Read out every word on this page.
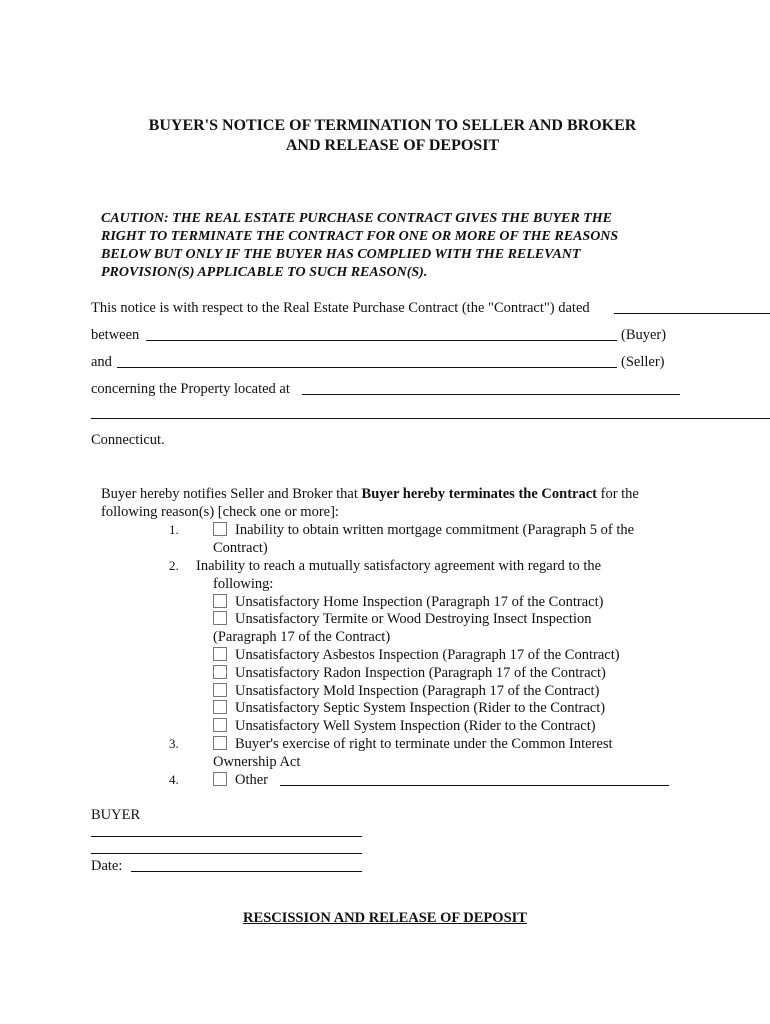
BUYER'S NOTICE OF TERMINATION TO SELLER AND BROKER
AND RELEASE OF DEPOSIT
CAUTION: THE REAL ESTATE PURCHASE CONTRACT GIVES THE BUYER THE
RIGHT TO TERMINATE THE CONTRACT FOR ONE OR MORE OF THE REASONS
BELOW BUT ONLY IF THE BUYER HAS COMPLIED WITH THE RELEVANT
PROVISION(S) APPLICABLE TO SUCH REASON(S).
This notice is with respect to the Real Estate Purchase Contract (the "Contract") dated
between	(Buyer)
and	(Seller)
concerning the Property located at
Connecticut.
Buyer hereby notifies Seller and Broker that Buyer hereby terminates the Contract for the
following reason(s) [check one or more]:
1.	Inability to obtain written mortgage commitment (Paragraph 5 of the
Contract)
2. Inability to reach a mutually satisfactory agreement with regard to the
following:
Unsatisfactory Home Inspection (Paragraph 17 of the Contract)
Unsatisfactory Termite or Wood Destroying Insect Inspection
(Paragraph 17 of the Contract)
Unsatisfactory Asbestos Inspection (Paragraph 17 of the Contract)
Unsatisfactory Radon Inspection (Paragraph 17 of the Contract)
Unsatisfactory Mold Inspection (Paragraph 17 of the Contract)
Unsatisfactory Septic System Inspection (Rider to the Contract)
Unsatisfactory Well System Inspection (Rider to the Contract)
3.	Buyer's exercise of right to terminate under the Common Interest
Ownership Act
4.	Other
BUYER
Date:
RESCISSION AND RELEASE OF DEPOSIT
